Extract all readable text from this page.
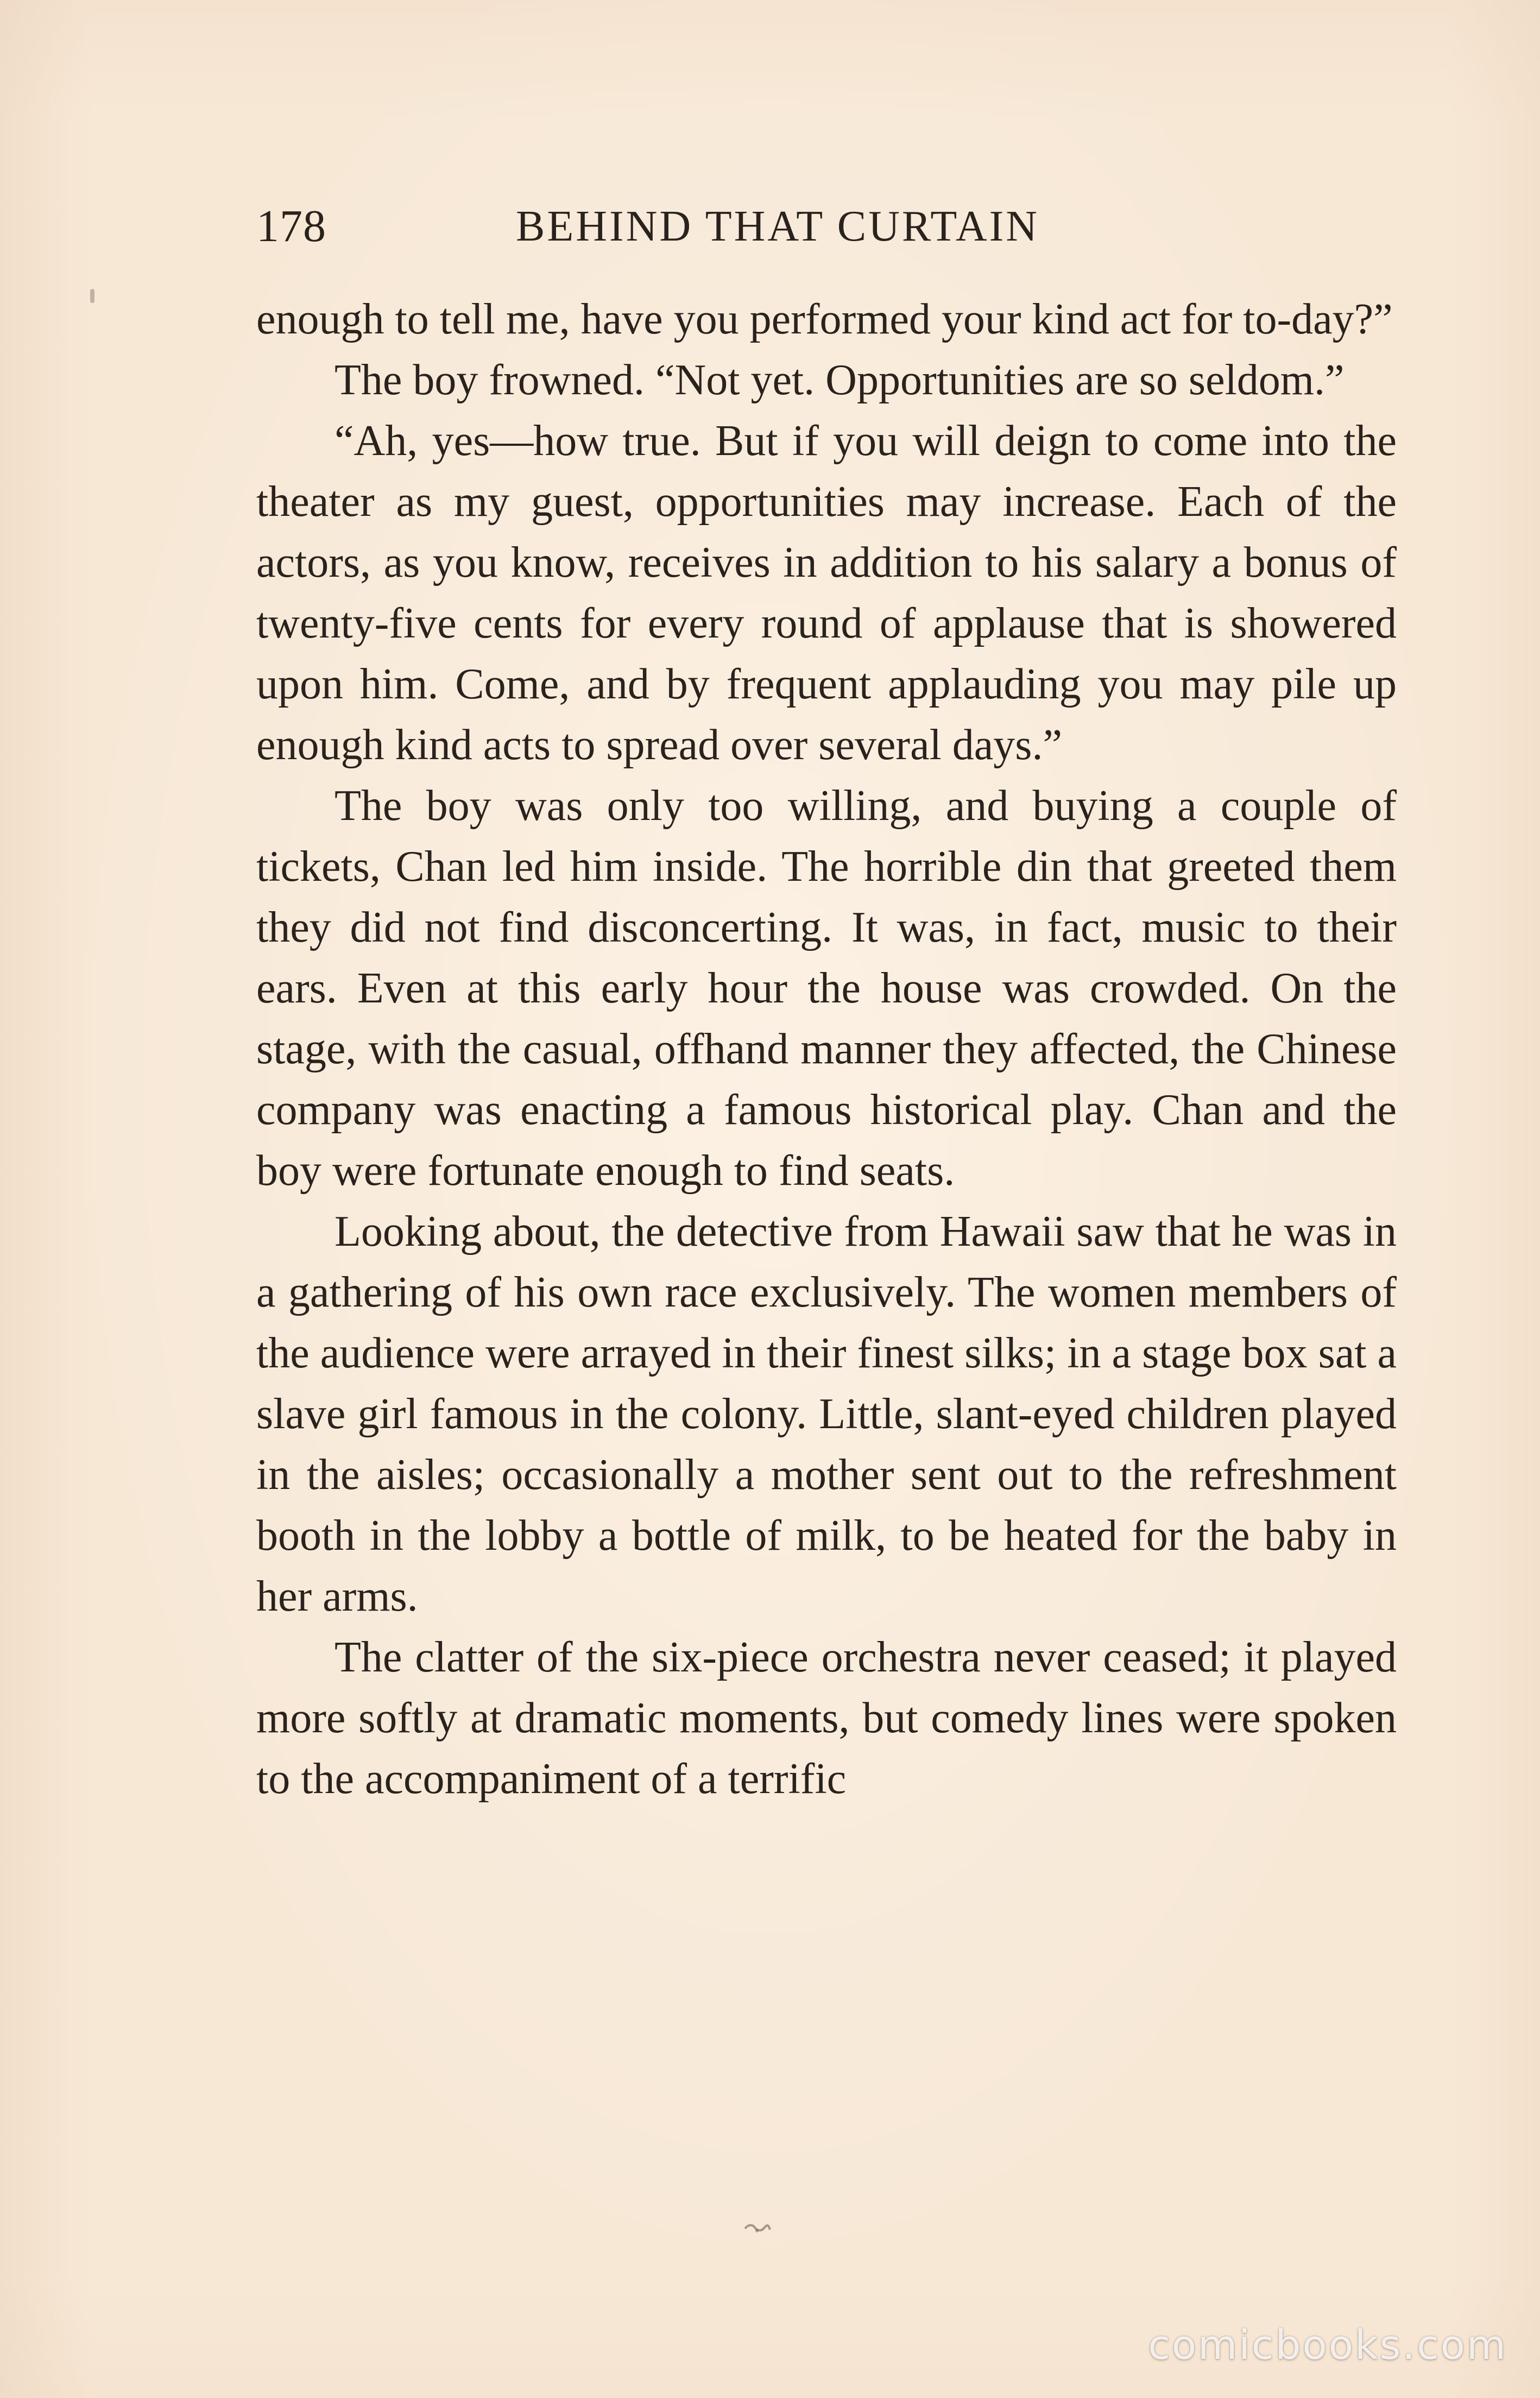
178	BEHIND THAT CURTAIN

enough to tell me, have you performed your kind act for to-day?”

The boy frowned. “Not yet. Opportunities are so seldom.”

“Ah, yes—how true. But if you will deign to come into the theater as my guest, opportunities may increase. Each of the actors, as you know, receives in addition to his salary a bonus of twenty-five cents for every round of applause that is showered upon him. Come, and by frequent applauding you may pile up enough kind acts to spread over several days.”

The boy was only too willing, and buying a couple of tickets, Chan led him inside. The horrible din that greeted them they did not find disconcerting. It was, in fact, music to their ears. Even at this early hour the house was crowded. On the stage, with the casual, offhand manner they affected, the Chinese company was enacting a famous historical play. Chan and the boy were fortunate enough to find seats.

Looking about, the detective from Hawaii saw that he was in a gathering of his own race exclusively. The women members of the audience were arrayed in their finest silks; in a stage box sat a slave girl famous in the colony. Little, slant-eyed children played in the aisles; occasionally a mother sent out to the refreshment booth in the lobby a bottle of milk, to be heated for the baby in her arms.

The clatter of the six-piece orchestra never ceased; it played more softly at dramatic moments, but comedy lines were spoken to the accompaniment of a terrific

comicbooks.com
